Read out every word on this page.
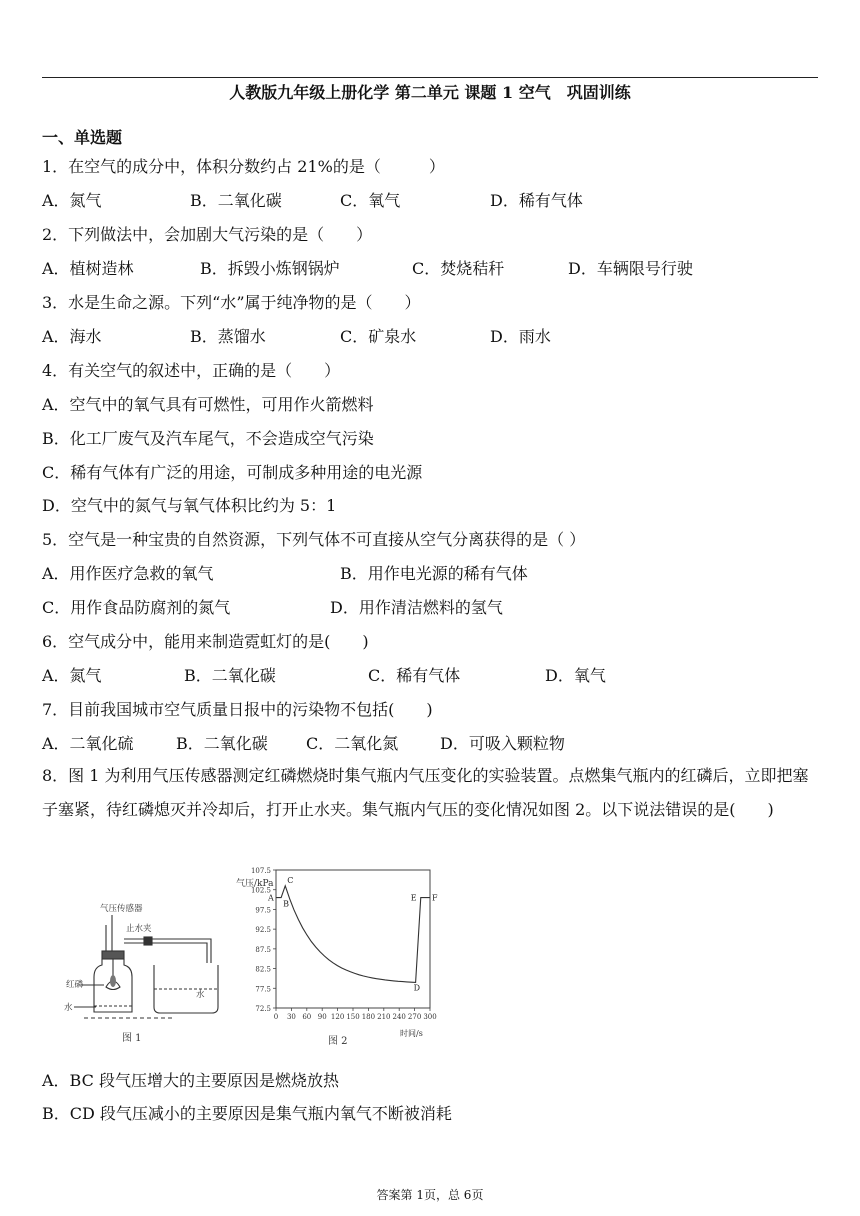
人教版九年级上册化学 第二单元 课题 1 空气　巩固训练
一、单选题
1．在空气的成分中，体积分数约占 21%的是（　　　）
A．氮气	B．二氧化碳	C．氧气	D．稀有气体
2．下列做法中，会加剧大气污染的是（　　）
A．植树造林	B．拆毁小炼钢锅炉	C．焚烧秸秆	D．车辆限号行驶
3．水是生命之源。下列“水”属于纯净物的是（　　）
A．海水	B．蒸馏水	C．矿泉水	D．雨水
4．有关空气的叙述中，正确的是（　　）
A．空气中的氧气具有可燃性，可用作火箭燃料
B．化工厂废气及汽车尾气，不会造成空气污染
C．稀有气体有广泛的用途，可制成多种用途的电光源
D．空气中的氮气与氧气体积比约为 5：1
5．空气是一种宝贵的自然资源，下列气体不可直接从空气分离获得的是（ ）
A．用作医疗急救的氧气	B．用作电光源的稀有气体
C．用作食品防腐剂的氮气	D．用作清洁燃料的氢气
6．空气成分中，能用来制造霓虹灯的是(　　)
A．氮气	B．二氧化碳	C．稀有气体	D．氧气
7．目前我国城市空气质量日报中的污染物不包括(　　)
A．二氧化硫	B．二氧化碳 C．二氧化氮	D．可吸入颗粒物
8．图 1 为利用气压传感器测定红磷燃烧时集气瓶内气压变化的实验装置。点燃集气瓶内的红磷后，立即把塞子塞紧，待红磷熄灭并冷却后，打开止水夹。集气瓶内气压的变化情况如图 2。以下说法错误的是(　　)
气压传感器
红磷
水
止水夹
水
图 1
气压/kPa
时间/s
图 2
107.5
102.5
97.5
92.5
87.5
82.5
77.5
72.5
0 30 60 90 120 150 180 210 240 270 300
A
B
C
D
E F
A．BC 段气压增大的主要原因是燃烧放热
B．CD 段气压减小的主要原因是集气瓶内氧气不断被消耗
答案第 1页，总 6页
